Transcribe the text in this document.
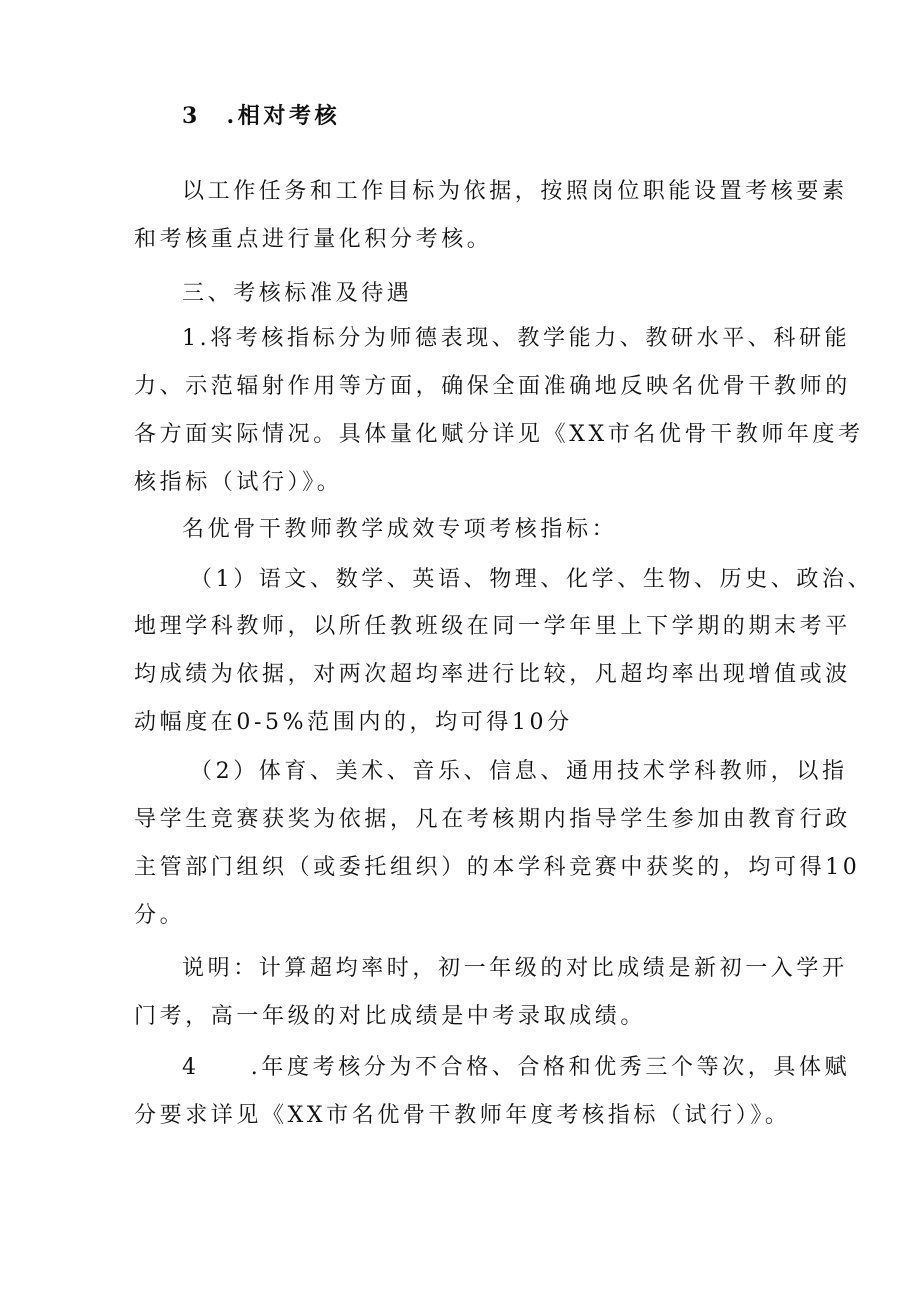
3　.相对考核
以工作任务和工作目标为依据，按照岗位职能设置考核要素
和考核重点进行量化积分考核。
三、考核标准及待遇
1.将考核指标分为师德表现、教学能力、教研水平、科研能
力、示范辐射作用等方面，确保全面准确地反映名优骨干教师的
各方面实际情况。具体量化赋分详见《XX市名优骨干教师年度考
核指标（试行）》。
名优骨干教师教学成效专项考核指标：
（1）语文、数学、英语、物理、化学、生物、历史、政治、
地理学科教师，以所任教班级在同一学年里上下学期的期末考平
均成绩为依据，对两次超均率进行比较，凡超均率出现增值或波
动幅度在0-5%范围内的，均可得10分
（2）体育、美术、音乐、信息、通用技术学科教师，以指
导学生竞赛获奖为依据，凡在考核期内指导学生参加由教育行政
主管部门组织（或委托组织）的本学科竞赛中获奖的，均可得10
分。
说明：计算超均率时，初一年级的对比成绩是新初一入学开
门考，高一年级的对比成绩是中考录取成绩。
4　　.年度考核分为不合格、合格和优秀三个等次，具体赋
分要求详见《XX市名优骨干教师年度考核指标（试行）》。
